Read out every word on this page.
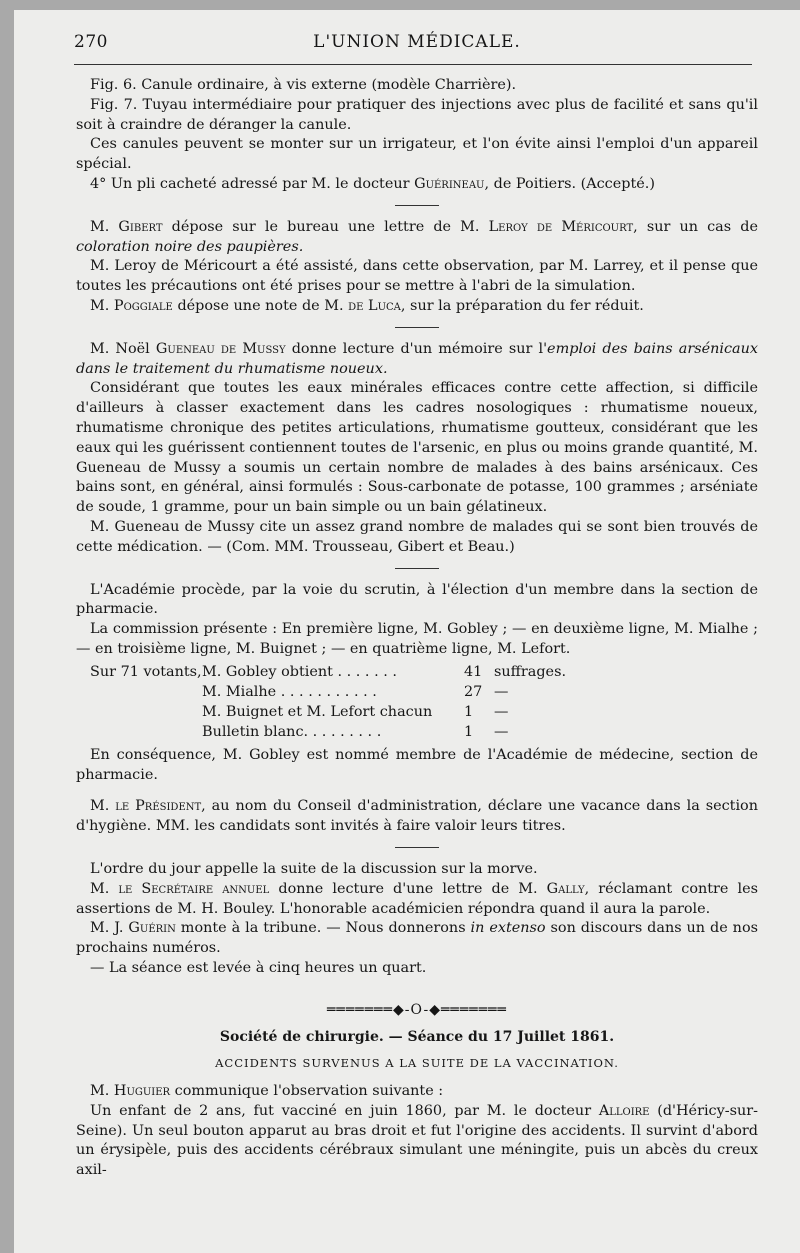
270	L'UNION MÉDICALE.

Fig. 6. Canule ordinaire, à vis externe (modèle Charrière).

Fig. 7. Tuyau intermédiaire pour pratiquer des injections avec plus de facilité et sans qu'il soit à craindre de déranger la canule.

Ces canules peuvent se monter sur un irrigateur, et l'on évite ainsi l'emploi d'un appareil spécial.

4° Un pli cacheté adressé par M. le docteur Guérineau, de Poitiers. (Accepté.)

M. Gibert dépose sur le bureau une lettre de M. Leroy de Méricourt, sur un cas de coloration noire des paupières.

M. Leroy de Méricourt a été assisté, dans cette observation, par M. Larrey, et il pense que toutes les précautions ont été prises pour se mettre à l'abri de la simulation.

M. Poggiale dépose une note de M. de Luca, sur la préparation du fer réduit.

M. Noël Gueneau de Mussy donne lecture d'un mémoire sur l'emploi des bains arsénicaux dans le traitement du rhumatisme noueux.

Considérant que toutes les eaux minérales efficaces contre cette affection, si difficile d'ailleurs à classer exactement dans les cadres nosologiques : rhumatisme noueux, rhumatisme chronique des petites articulations, rhumatisme goutteux, considérant que les eaux qui les guérissent contiennent toutes de l'arsenic, en plus ou moins grande quantité, M. Gueneau de Mussy a soumis un certain nombre de malades à des bains arsénicaux. Ces bains sont, en général, ainsi formulés : Sous-carbonate de potasse, 100 grammes ; arséniate de soude, 1 gramme, pour un bain simple ou un bain gélatineux.

M. Gueneau de Mussy cite un assez grand nombre de malades qui se sont bien trouvés de cette médication. — (Com. MM. Trousseau, Gibert et Beau.)

L'Académie procède, par la voie du scrutin, à l'élection d'un membre dans la section de pharmacie.

La commission présente : En première ligne, M. Gobley ; — en deuxième ligne, M. Mialhe ; — en troisième ligne, M. Buignet ; — en quatrième ligne, M. Lefort.

Sur 71 votants, M. Gobley obtient . . . . . . .	41 suffrages.
M. Mialhe . . . . . . . . . . .	27 —
M. Buignet et M. Lefort chacun	1	—
Bulletin blanc. . . . . . . . .	1	—

En conséquence, M. Gobley est nommé membre de l'Académie de médecine, section de pharmacie.

M. le Président, au nom du Conseil d'administration, déclare une vacance dans la section d'hygiène. MM. les candidats sont invités à faire valoir leurs titres.

L'ordre du jour appelle la suite de la discussion sur la morve.

M. le Secrétaire annuel donne lecture d'une lettre de M. Gally, réclamant contre les assertions de M. H. Bouley. L'honorable académicien répondra quand il aura la parole.

M. J. Guérin monte à la tribune. — Nous donnerons in extenso son discours dans un de nos prochains numéros.

— La séance est levée à cinq heures un quart.

═══════◆-O-◆═══════
Société de chirurgie. — Séance du 17 Juillet 1861.
ACCIDENTS SURVENUS A LA SUITE DE LA VACCINATION.

M. Huguier communique l'observation suivante :

Un enfant de 2 ans, fut vacciné en juin 1860, par M. le docteur Alloire (d'Héricy-sur-Seine). Un seul bouton apparut au bras droit et fut l'origine des accidents. Il survint d'abord un érysipèle, puis des accidents cérébraux simulant une méningite, puis un abcès du creux axil-
